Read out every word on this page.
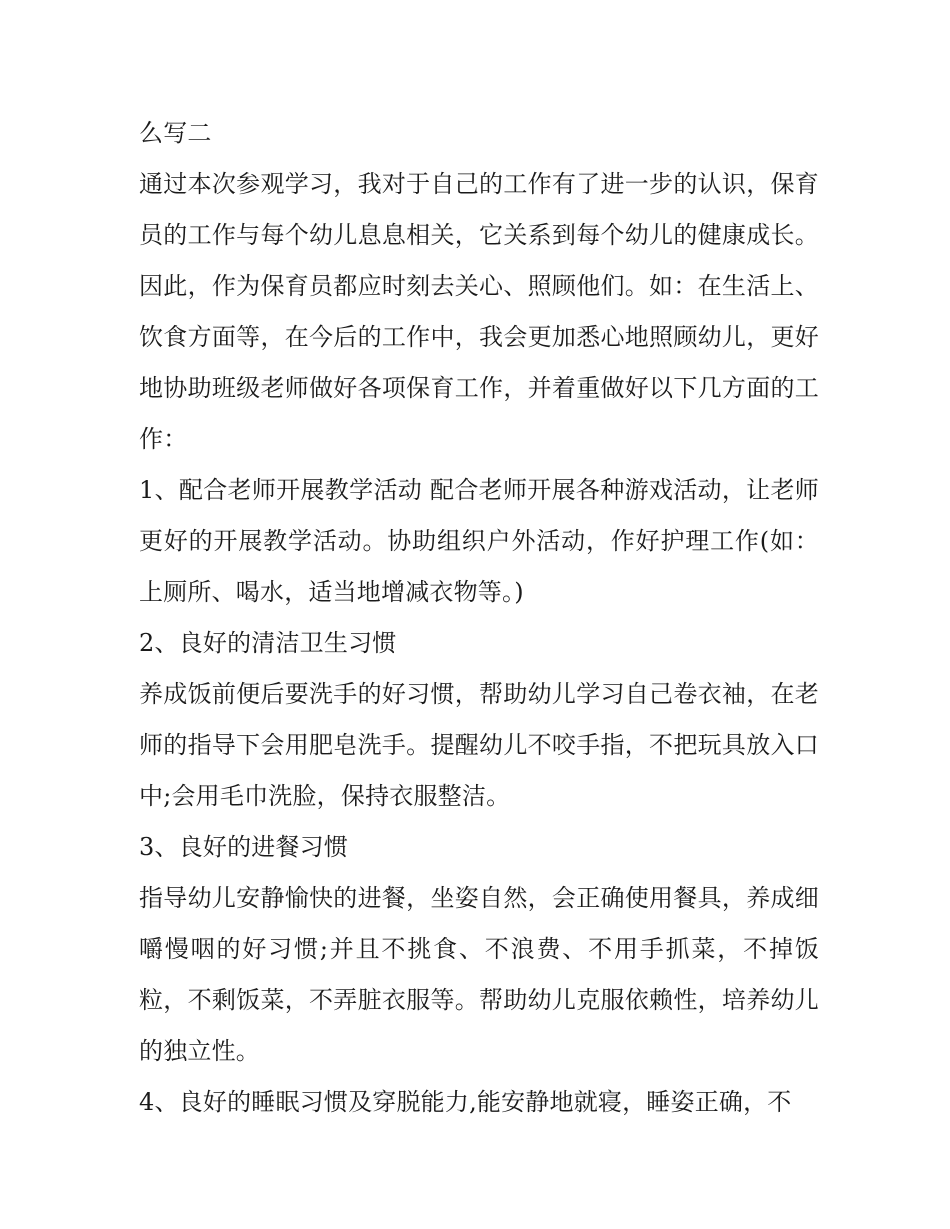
么写二

通过本次参观学习，我对于自己的工作有了进一步的认识，保育员的工作与每个幼儿息息相关，它关系到每个幼儿的健康成长。因此，作为保育员都应时刻去关心、照顾他们。如：在生活上、饮食方面等，在今后的工作中，我会更加悉心地照顾幼儿，更好地协助班级老师做好各项保育工作，并着重做好以下几方面的工作：

1、配合老师开展教学活动 配合老师开展各种游戏活动，让老师更好的开展教学活动。协助组织户外活动，作好护理工作(如：上厕所、喝水，适当地增减衣物等。)

2、良好的清洁卫生习惯

养成饭前便后要洗手的好习惯，帮助幼儿学习自己卷衣袖，在老师的指导下会用肥皂洗手。提醒幼儿不咬手指，不把玩具放入口中;会用毛巾洗脸，保持衣服整洁。

3、良好的进餐习惯

指导幼儿安静愉快的进餐，坐姿自然，会正确使用餐具，养成细嚼慢咽的好习惯;并且不挑食、不浪费、不用手抓菜，不掉饭粒，不剩饭菜，不弄脏衣服等。帮助幼儿克服依赖性，培养幼儿的独立性。

4、良好的睡眠习惯及穿脱能力,能安静地就寝，睡姿正确，不
